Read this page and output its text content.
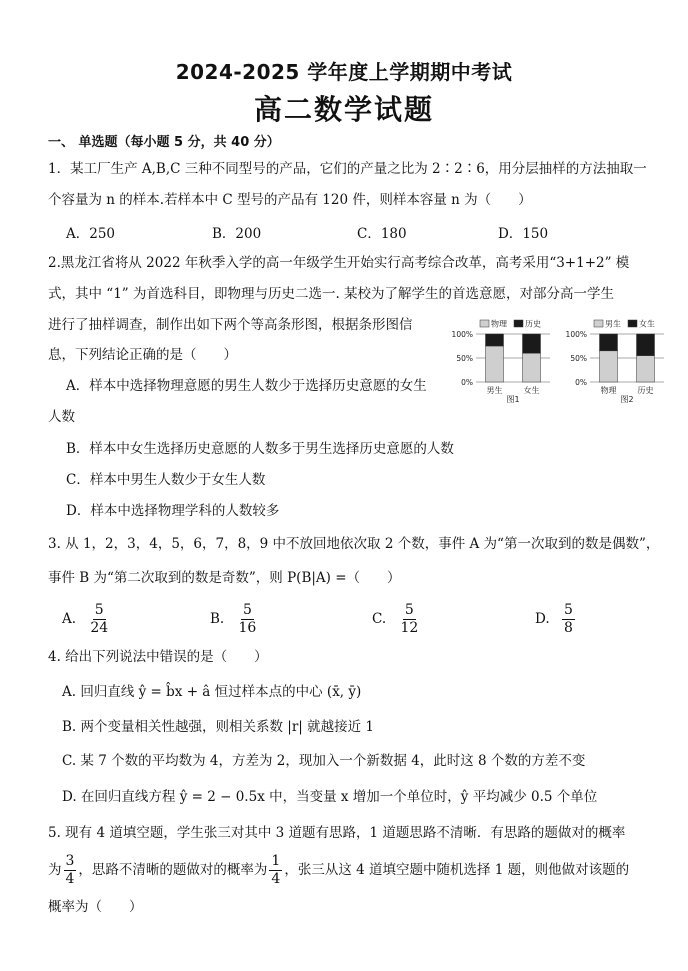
2024-2025 学年度上学期期中考试
高二数学试题
一、 单选题（每小题 5 分，共 40 分）
1．某工厂生产 A,B,C 三种不同型号的产品，它们的产量之比为 2∶2∶6，用分层抽样的方法抽取一
个容量为 n 的样本.若样本中 C 型号的产品有 120 件，则样本容量 n 为（　　）
A．250	B．200	C．180	D．150
2.黑龙江省将从 2022 年秋季入学的高一年级学生开始实行高考综合改革，高考采用“3+1+2” 模
式，其中 “1” 为首选科目，即物理与历史二选一. 某校为了解学生的首选意愿，对部分高一学生
进行了抽样调查，制作出如下两个等高条形图，根据条形图信
息，下列结论正确的是（　　）
A．样本中选择物理意愿的男生人数少于选择历史意愿的女生
人数
B．样本中女生选择历史意愿的人数多于男生选择历史意愿的人数
C．样本中男生人数少于女生人数
D．样本中选择物理学科的人数较多
物理 历史
0%
50%
100%
男生	女生
图1
男生 女生
0%
50%
100%
物理	历史
图2
3. 从 1，2，3，4，5，6，7，8，9 中不放回地依次取 2 个数，事件 A 为“第一次取到的数是偶数”，
事件 B 为“第二次取到的数是奇数”，则 P(B|A) =（　　）
A. $\frac{5}{24}$	B. $\frac{5}{16}$	C. $\frac{5}{12}$	D. $\frac{5}{8}$
4. 给出下列说法中错误的是（　　）
A. 回归直线 ŷ = b̂x + â 恒过样本点的中心 (x̄, ȳ)
B. 两个变量相关性越强，则相关系数 |r| 就越接近 1
C. 某 7 个数的平均数为 4，方差为 2，现加入一个新数据 4，此时这 8 个数的方差不变
D. 在回归直线方程 ŷ = 2 − 0.5x 中，当变量 x 增加一个单位时，ŷ 平均减少 0.5 个单位
5. 现有 4 道填空题，学生张三对其中 3 道题有思路，1 道题思路不清晰．有思路的题做对的概率
为 $\frac{3}{4}$ ，思路不清晰的题做对的概率为 $\frac{1}{4}$ ，张三从这 4 道填空题中随机选择 1 题，则他做对该题的
概率为（　　）
